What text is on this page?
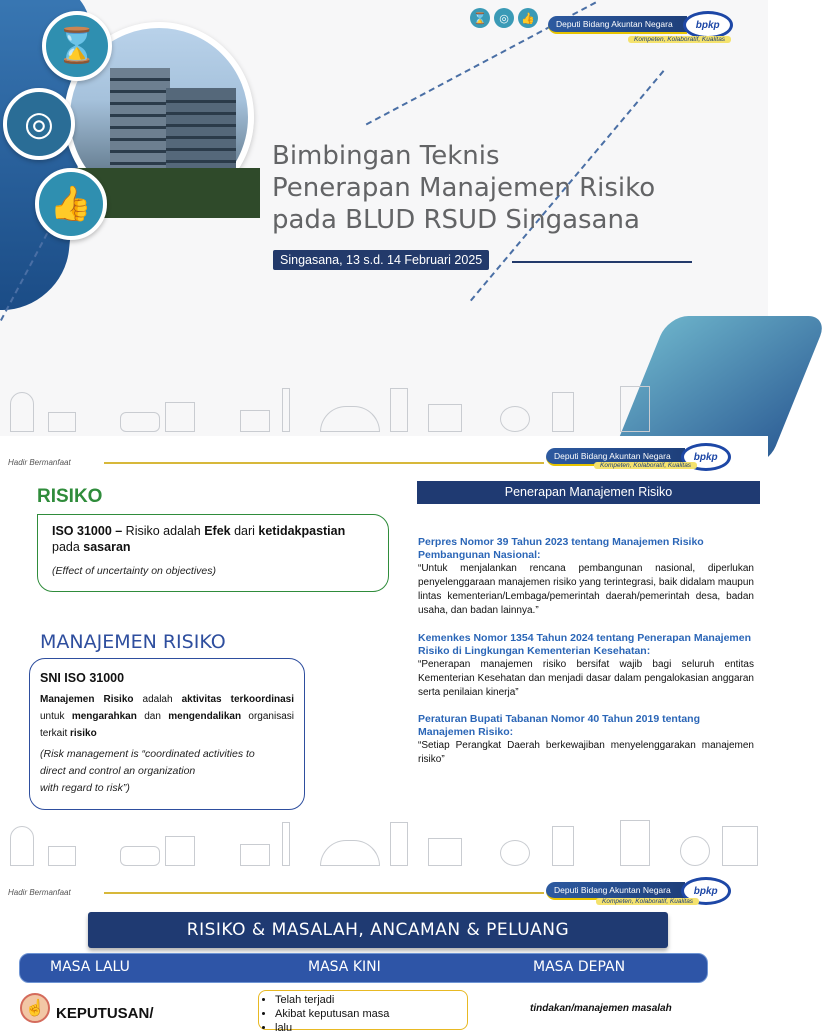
⌛
◎
👍
⌛	◎	👍	Deputi Bidang Akuntan Negara	bpkp
Kompeten, Kolaboratif, Kualitas
Bimbingan Teknis
Penerapan Manajemen Risiko
pada BLUD RSUD Singasana
Singasana, 13 s.d. 14 Februari 2025
Hadir Bermanfaat
Deputi Bidang Akuntan Negara	bpkp
Kompeten, Kolaboratif, Kualitas
RISIKO
ISO 31000 – Risiko adalah Efek dari ketidakpastian
pada sasaran
(Effect of uncertainty on objectives)
MANAJEMEN RISIKO
SNI ISO 31000
Manajemen Risiko adalah aktivitas terkoordinasi untuk mengarahkan dan mengendalikan organisasi terkait risiko
(Risk management is “coordinated activities to
direct and control an organization
with regard to risk”)
Penerapan Manajemen Risiko
Perpres Nomor 39 Tahun 2023 tentang Manajemen Risiko Pembangunan Nasional:
“Untuk menjalankan rencana pembangunan nasional, diperlukan penyelenggaraan manajemen risiko yang terintegrasi, baik didalam maupun lintas kementerian/Lembaga/pemerintah daerah/pemerintah desa, badan usaha, dan badan lainnya.”
Kemenkes Nomor 1354 Tahun 2024 tentang Penerapan Manajemen Risiko di Lingkungan Kementerian Kesehatan:
“Penerapan manajemen risiko bersifat wajib bagi seluruh entitas Kementerian Kesehatan dan menjadi dasar dalam pengalokasian anggaran serta penilaian kinerja”
Peraturan Bupati Tabanan Nomor 40 Tahun 2019 tentang Manajemen Risiko:
“Setiap Perangkat Daerah berkewajiban menyelenggarakan manajemen risiko”
Hadir Bermanfaat	Deputi Bidang Akuntan Negara	bpkp
Kompeten, Kolaboratif, Kualitas
RISIKO & MASALAH, ANCAMAN & PELUANG
MASA LALU	MASA KINI	MASA DEPAN
☝ KEPUTUSAN/
• Telah terjadi
• Akibat keputusan masa
• lalu
tindakan/manajemen masalah
